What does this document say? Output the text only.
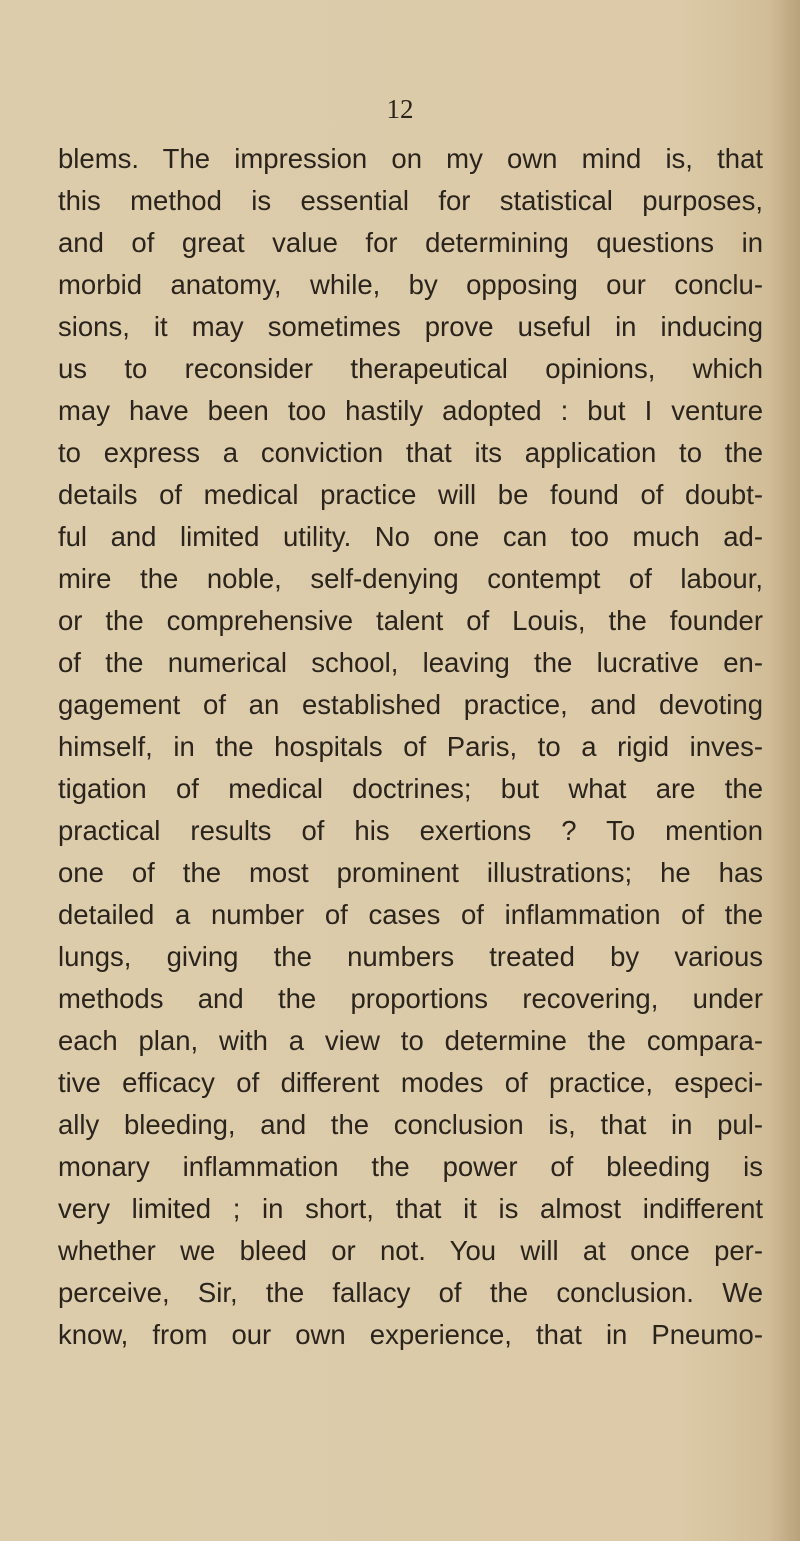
12

blems. The impression on my own mind is, that

this method is essential for statistical purposes,

and of great value for determining questions in

morbid anatomy, while, by opposing our conclu-

sions, it may sometimes prove useful in inducing

us to reconsider therapeutical opinions, which

may have been too hastily adopted : but I venture

to express a conviction that its application to the

details of medical practice will be found of doubt-

ful and limited utility. No one can too much ad-

mire the noble, self-denying contempt of labour,

or the comprehensive talent of Louis, the founder

of the numerical school, leaving the lucrative en-

gagement of an established practice, and devoting

himself, in the hospitals of Paris, to a rigid inves-

tigation of medical doctrines; but what are the

practical results of his exertions ? To mention

one of the most prominent illustrations; he has

detailed a number of cases of inflammation of the

lungs, giving the numbers treated by various

methods and the proportions recovering, under

each plan, with a view to determine the compara-

tive efficacy of different modes of practice, especi-

ally bleeding, and the conclusion is, that in pul-

monary inflammation the power of bleeding is

very limited ; in short, that it is almost indifferent

whether we bleed or not. You will at once per-

perceive, Sir, the fallacy of the conclusion. We

know, from our own experience, that in Pneumo-
